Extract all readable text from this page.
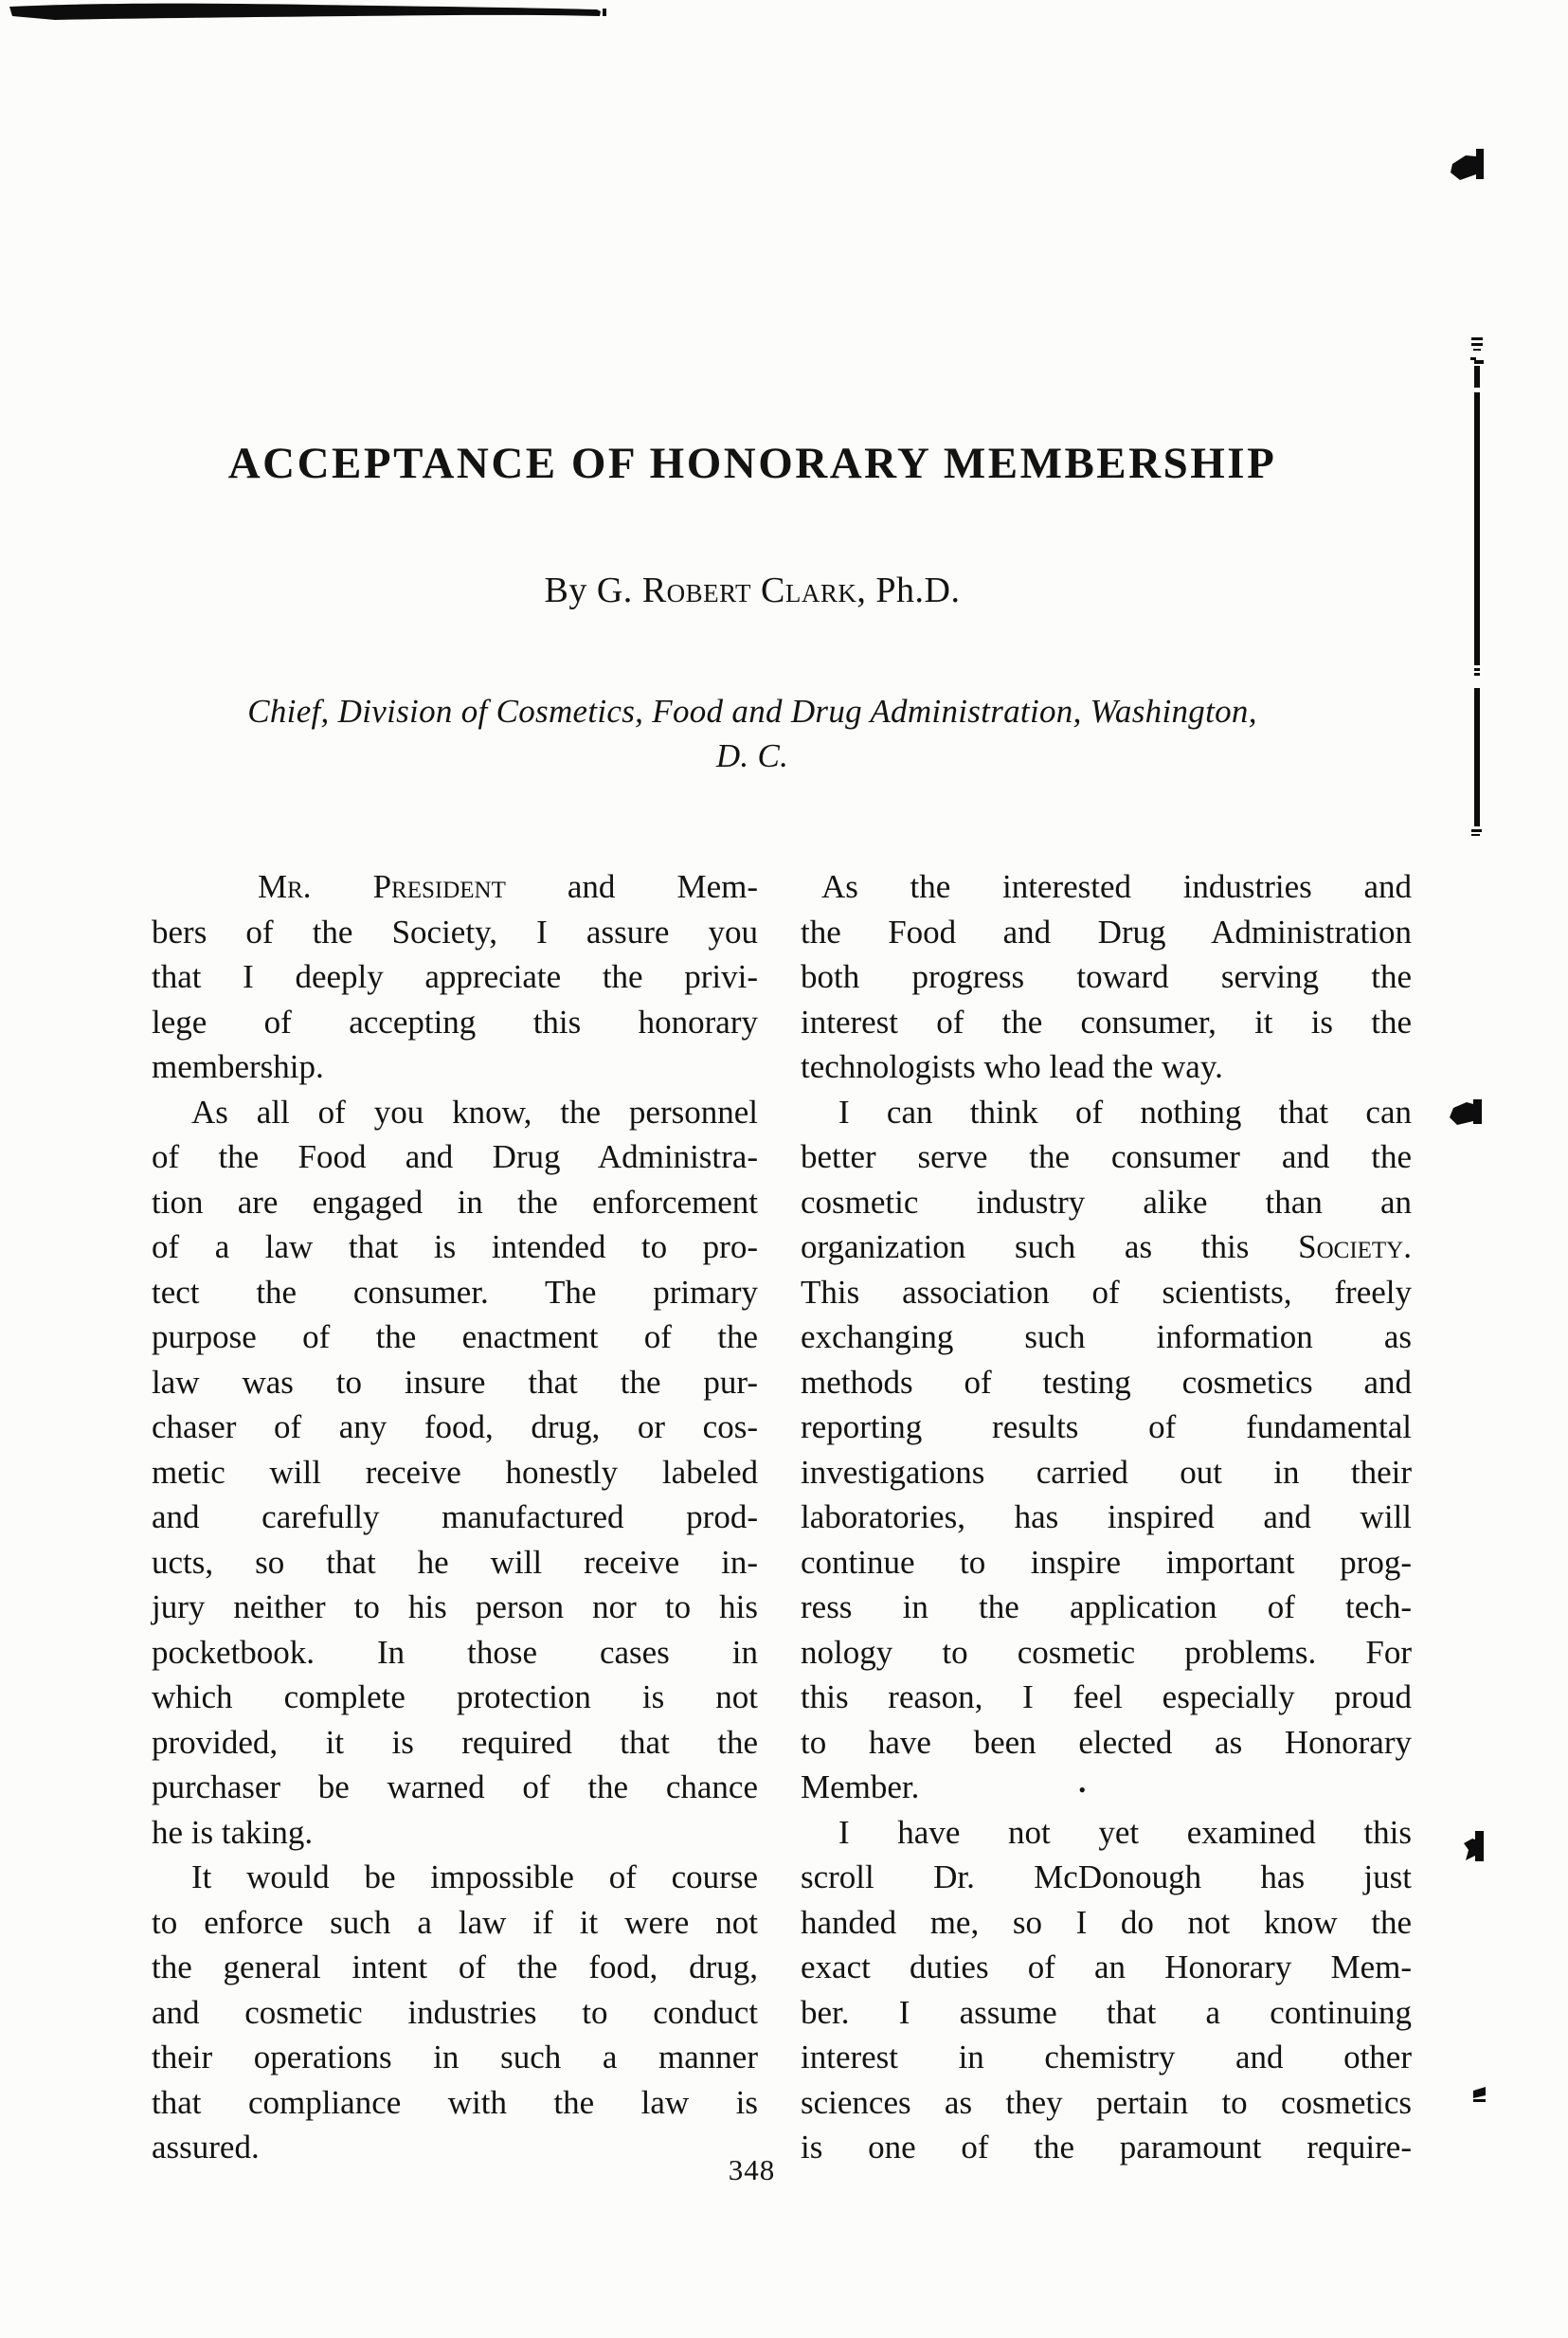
ACCEPTANCE OF HONORARY MEMBERSHIP
By G. Robert Clark, Ph.D.
Chief, Division of Cosmetics, Food and Drug Administration, Washington,
D. C.
Mr. President and Mem-
bers of the Society, I assure you
that I deeply appreciate the privi-
lege of accepting this honorary
membership.
As all of you know, the personnel
of the Food and Drug Administra-
tion are engaged in the enforcement
of a law that is intended to pro-
tect the consumer. The primary
purpose of the enactment of the
law was to insure that the pur-
chaser of any food, drug, or cos-
metic will receive honestly labeled
and carefully manufactured prod-
ucts, so that he will receive in-
jury neither to his person nor to his
pocketbook. In those cases in
which complete protection is not
provided, it is required that the
purchaser be warned of the chance
he is taking.
It would be impossible of course
to enforce such a law if it were not
the general intent of the food, drug,
and cosmetic industries to conduct
their operations in such a manner
that compliance with the law is
assured.
As the interested industries and
the Food and Drug Administration
both progress toward serving the
interest of the consumer, it is the
technologists who lead the way.
I can think of nothing that can
better serve the consumer and the
cosmetic industry alike than an
organization such as this Society.
This association of scientists, freely
exchanging such information as
methods of testing cosmetics and
reporting results of fundamental
investigations carried out in their
laboratories, has inspired and will
continue to inspire important prog-
ress in the application of tech-
nology to cosmetic problems. For
this reason, I feel especially proud
to have been elected as Honorary
Member.	•
I have not yet examined this
scroll Dr. McDonough has just
handed me, so I do not know the
exact duties of an Honorary Mem-
ber. I assume that a continuing
interest in chemistry and other
sciences as they pertain to cosmetics
is one of the paramount require-
348
